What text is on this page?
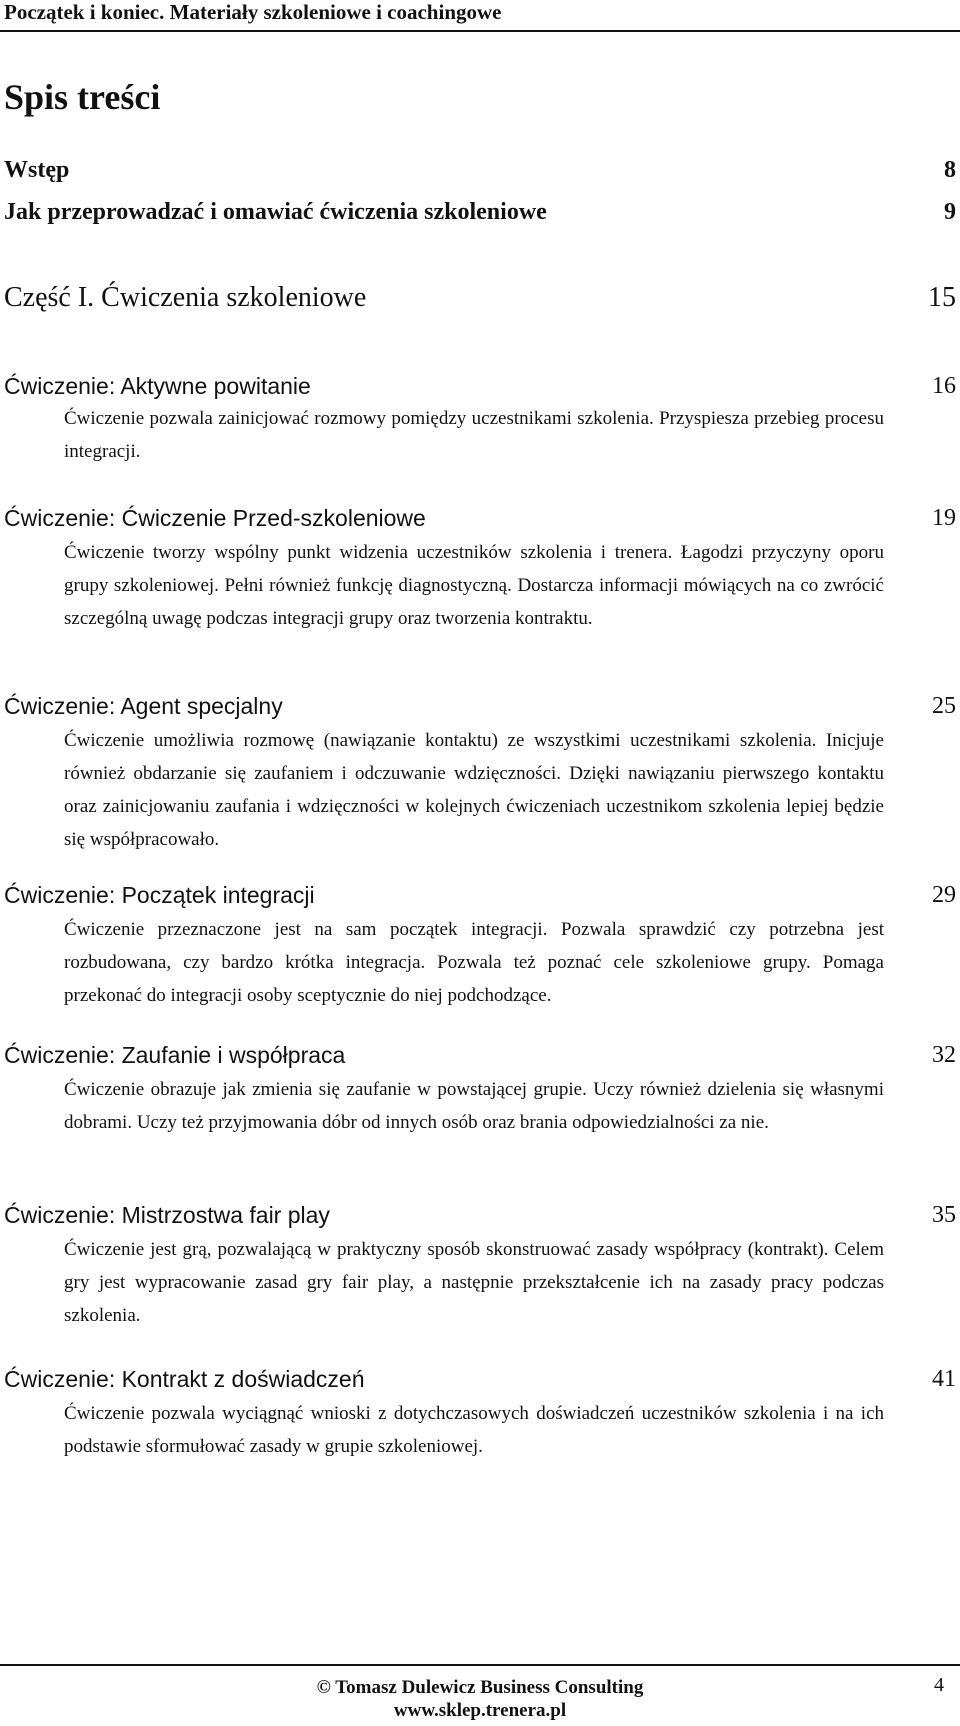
Początek i koniec. Materiały szkoleniowe i coachingowe
Spis treści
Wstęp	8
Jak przeprowadzać i omawiać ćwiczenia szkoleniowe	9
Część I. Ćwiczenia szkoleniowe	15
Ćwiczenie: Aktywne powitanie	16
Ćwiczenie pozwala zainicjować rozmowy pomiędzy uczestnikami szkolenia. Przyspiesza przebieg procesu integracji.
Ćwiczenie: Ćwiczenie Przed-szkoleniowe	19
Ćwiczenie tworzy wspólny punkt widzenia uczestników szkolenia i trenera. Łagodzi przyczyny oporu grupy szkoleniowej. Pełni również funkcję diagnostyczną. Dostarcza informacji mówiących na co zwrócić szczególną uwagę podczas integracji grupy oraz tworzenia kontraktu.
Ćwiczenie: Agent specjalny	25
Ćwiczenie umożliwia rozmowę (nawiązanie kontaktu) ze wszystkimi uczestnikami szkolenia. Inicjuje również obdarzanie się zaufaniem i odczuwanie wdzięczności. Dzięki nawiązaniu pierwszego kontaktu oraz zainicjowaniu zaufania i wdzięczności w kolejnych ćwiczeniach uczestnikom szkolenia lepiej będzie się współpracowało.
Ćwiczenie: Początek integracji	29
Ćwiczenie przeznaczone jest na sam początek integracji. Pozwala sprawdzić czy potrzebna jest rozbudowana, czy bardzo krótka integracja. Pozwala też poznać cele szkoleniowe grupy. Pomaga przekonać do integracji osoby sceptycznie do niej podchodzące.
Ćwiczenie: Zaufanie i współpraca	32
Ćwiczenie obrazuje jak zmienia się zaufanie w powstającej grupie. Uczy również dzielenia się własnymi dobrami. Uczy też przyjmowania dóbr od innych osób oraz brania odpowiedzialności za nie.
Ćwiczenie: Mistrzostwa fair play	35
Ćwiczenie jest grą, pozwalającą w praktyczny sposób skonstruować zasady współpracy (kontrakt). Celem gry jest wypracowanie zasad gry fair play, a następnie przekształcenie ich na zasady pracy podczas szkolenia.
Ćwiczenie: Kontrakt z doświadczeń	41
Ćwiczenie pozwala wyciągnąć wnioski z dotychczasowych doświadczeń uczestników szkolenia i na ich podstawie sformułować zasady w grupie szkoleniowej.
© Tomasz Dulewicz Business Consulting
www.sklep.trenera.pl
4
